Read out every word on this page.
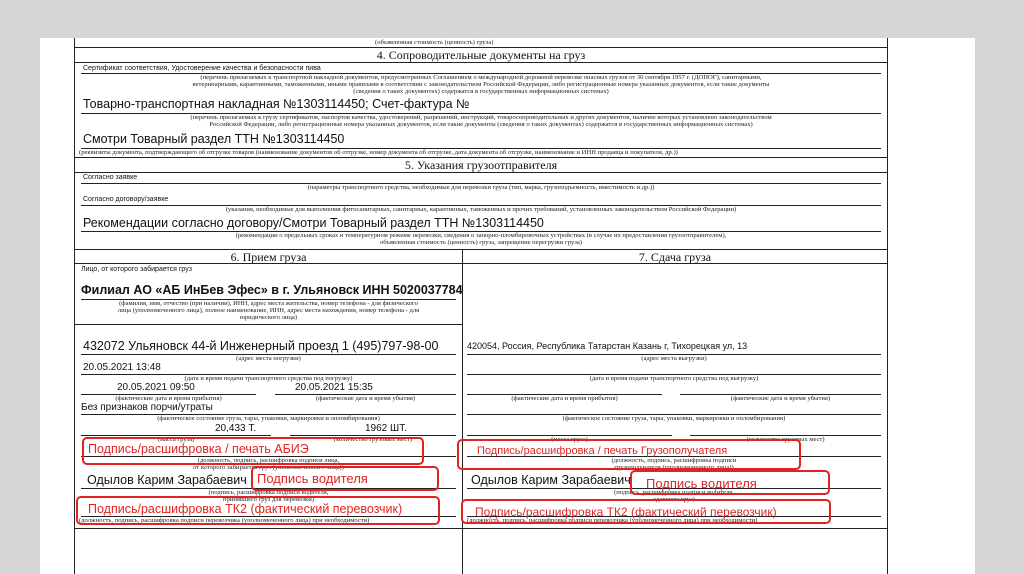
(объявленная стоимость (ценность) груза)
4. Сопроводительные документы на груз
Сертификат соответствия, Удостоверение качества и безопасности пива
(перечень прилагаемых к транспортной накладной документов, предусмотренных Соглашением о международной дорожной перевозке опасных грузов от 30 сентября 1957 г. (ДОПОГ), санитарными,
ветеринарными, карантинными, таможенными, иными правилами в соответствии с законодательством Российской Федерации, либо регистрационные номера указанных документов, если такие документы
(сведения о таких документах) содержатся в государственных информационных системах)
Товарно-транспортная накладная №1303114450; Счет-фактура №
(перечень прилагаемых к грузу сертификатов, паспортов качества, удостоверений, разрешений, инструкций, товаросопроводительных и других документов, наличие которых установлено законодательством
Российской Федерации, либо регистрационные номера указанных документов, если такие документы (сведения о таких документах) содержатся в государственных информационных системах)
Смотри Товарный раздел ТТН №1303114450
(реквизиты документа, подтверждающего об отгрузке товаров (наименование документов об отгрузке, номер документа об отгрузке, дата документа об отгрузке, наименование и ИНН продавца и покупателя, др.))
5. Указания грузоотправителя
Согласно заявке
(параметры транспортного средства, необходимые для перевозки груза (тип, марка, грузоподъемность, вместимость и др.))
Согласно договору/заявке
(указания, необходимые для выполнения фитосанитарных, санитарных, карантинных, таможенных и прочих требований, установленных законодательством Российской Федерации)
Рекомендации согласно договору/Смотри Товарный раздел ТТН №1303114450
(рекомендации о предельных сроках и температурном режиме перевозки, сведения о запорно-пломбировочных устройствах (в случае их предоставления грузоотправителем),
объявленная стоимость (ценность) груза, запрещение перегрузки груза)
6. Прием груза	7. Сдача груза
Лицо, от которого забирается груз
Филиал АО «АБ ИнБев Эфес» в г. Ульяновск ИНН 5020037784
(фамилия, имя, отчество (при наличии), ИНН, адрес места жительства, номер телефона - для физического
лица (уполномоченного лица), полное наименование, ИНН, адрес места нахождения, номер телефона - для
юридического лица)
432072 Ульяновск 44-й Инженерный проезд 1 (495)797-98-00
(адрес места погрузки)
20.05.2021 13:48
(дата и время подачи транспортного средства под погрузку)
20.05.2021 09:50	20.05.2021 15:35
(фактические дата и время прибытия)	(фактические дата и время убытия)
Без признаков порчи/утраты
(фактическое состояние груза, тары, упаковки, маркировки и опломбирования)
20,433 Т.	1962 ШТ.
(масса груза)	(количество грузовых мест)
(должность, подпись, расшифровка подписи лица,
от которого забирается груз (уполномоченного лица))
Одылов Карим Зарабаевич
(подпись, расшифровка подписи водителя,
принявшего груз для перевозки)
(должность, подпись, расшифровка подписи перевозчика (уполномоченного лица) при необходимости)
420054, Россия, Республика Татарстан Казань г, Тихорецкая ул, 13
(адрес места выгрузки)
(дата и время подачи транспортного средства под выгрузку)
(фактические дата и время прибытия)	(фактические дата и время убытия)
(фактическое состояние груза, тары, упаковки, маркировки и опломбирования)
(масса груза)	(количество грузовых мест)
(должность, подпись, расшифровка подписи
грузополучателя (уполномоченного лица))
Одылов Карим Зарабаевич
(подпись, расшифровка подписи водителя,
сдавшего груз)
(должность, подпись, расшифровка подписи перевозчика (уполномоченного лица) при необходимости)
Подпись/расшифровка / печать АБИЭ
Подпись водителя
Подпись/расшифровка ТК2 (фактический перевозчик)
Подпись/расшифровка / печать Грузополучателя
Подпись водителя
Подпись/расшифровка ТК2 (фактический перевозчик)
